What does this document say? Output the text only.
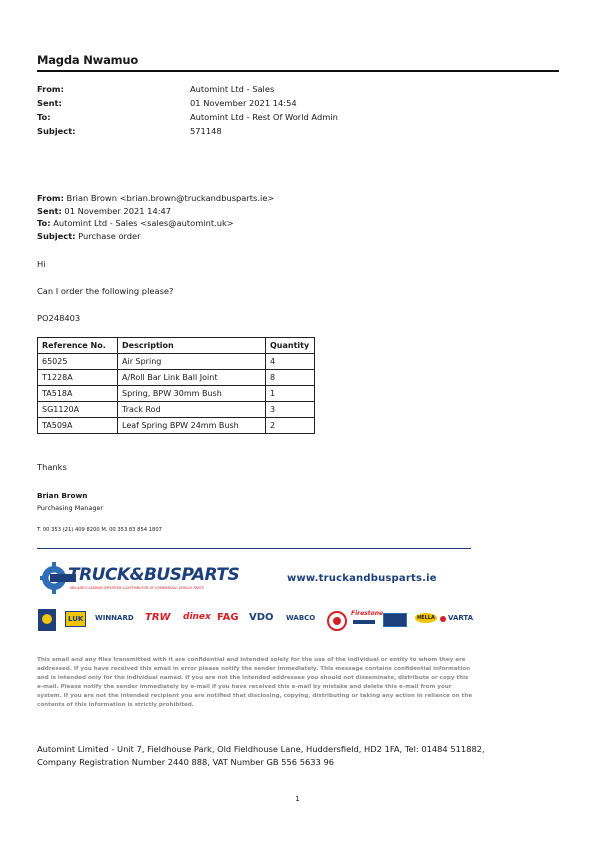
Magda Nwamuo
From:	Automint Ltd - Sales
Sent:	01 November 2021 14:54
To:	Automint Ltd - Rest Of World Admin
Subject:	571148
From: Brian Brown <brian.brown@truckandbusparts.ie>
Sent: 01 November 2021 14:47
To: Automint Ltd - Sales <sales@automint.uk>
Subject: Purchase order
Hi
Can I order the following please?
PO248403
Reference No.	Description	Quantity
65025	Air Spring	4
T1228A	A/Roll Bar Link Ball Joint	8
TA518A	Spring, BPW 30mm Bush	1
SG1120A	Track Rod	3
TA509A	Leaf Spring BPW 24mm Bush	2
Thanks
Brian Brown
Purchasing Manager
T. 00 353 (21) 409 8200 M. 00 353 83 854 1807
TRUCK&BUSPARTS
IRELAND'S LEADING IMPORTER & DISTRIBUTOR OF COMMERCIAL VEHICLE PARTS
www.truckandbusparts.ie
LUK	WINNARD TRW dinex FAG VDO WABCO
Firestone
HELLA VARTA
This email and any files transmitted with it are confidential and intended solely for the use of the individual or entity to whom they are addressed. If you have received this email in error please notify the sender immediately. This message contains confidential information and is intended only for the individual named. If you are not the intended addressee you should not disseminate, distribute or copy this e-mail. Please notify the sender immediately by e-mail if you have received this e-mail by mistake and delete this e-mail from your system. If you are not the intended recipient you are notified that disclosing, copying, distributing or taking any action in reliance on the contents of this information is strictly prohibited.
Automint Limited - Unit 7, Fieldhouse Park, Old Fieldhouse Lane, Huddersfield, HD2 1FA, Tel: 01484 511882,
Company Registration Number 2440 888, VAT Number GB 556 5633 96
1
